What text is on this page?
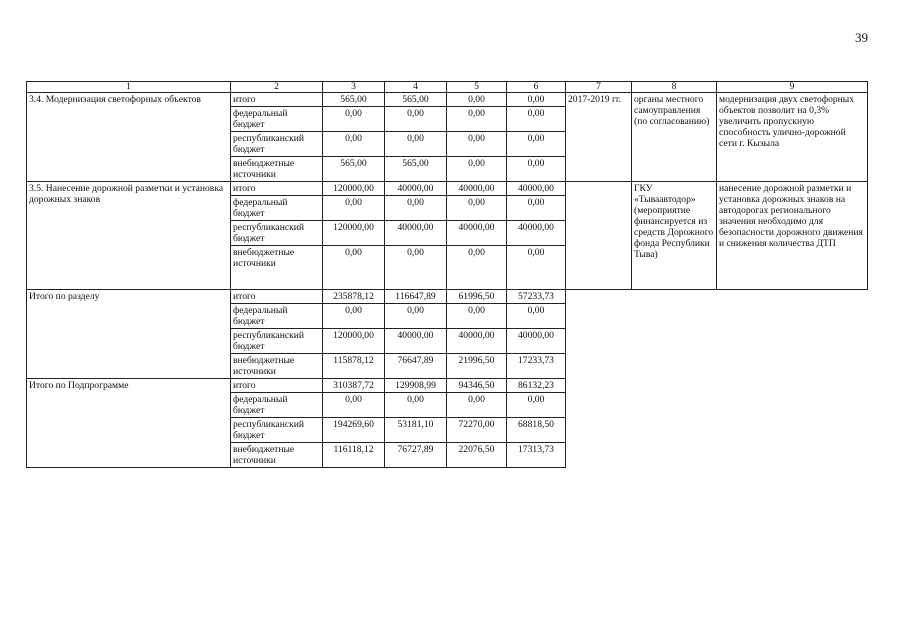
39
1	2	3	4	5	6	7	8	9
3.4. Модернизация светофорных объектов	итого	565,00	565,00	0,00	0,00	2017-2019 гг.	органы местного самоуправления (по согласованию)	модернизация двух светофорных объектов позволит на 0,3% увеличить пропускную способность улично-дорожной сети г. Кызыла
	федеральный бюджет	0,00	0,00	0,00	0,00			
	республиканский бюджет	0,00	0,00	0,00	0,00			
	внебюджетные источники	565,00	565,00	0,00	0,00			
3.5. Нанесение дорожной разметки и установка дорожных знаков	итого	120000,00	40000,00	40000,00	40000,00		ГКУ «Тываавтодор» (мероприятие финансируется из средств Дорожного фонда Республики Тыва)	нанесение дорожной разметки и установка дорожных знаков на автодорогах регионального значения необходимо для безопасности дорожного движения и снижения количества ДТП
	федеральный бюджет	0,00	0,00	0,00	0,00			
	республиканский бюджет	120000,00	40000,00	40000,00	40000,00			
	внебюджетные источники	0,00	0,00	0,00	0,00			
Итого по разделу	итого	235878,12	116647,89	61996,50	57233,73			
	федеральный бюджет	0,00	0,00	0,00	0,00			
	республиканский бюджет	120000,00	40000,00	40000,00	40000,00			
	внебюджетные источники	115878,12	76647,89	21996,50	17233,73			
Итого по Подпрограмме	итого	310387,72	129908,99	94346,50	86132,23			
	федеральный бюджет	0,00	0,00	0,00	0,00			
	республиканский бюджет	194269,60	53181,10	72270,00	68818,50			
	внебюджетные источники	116118,12	76727,89	22076,50	17313,73			
